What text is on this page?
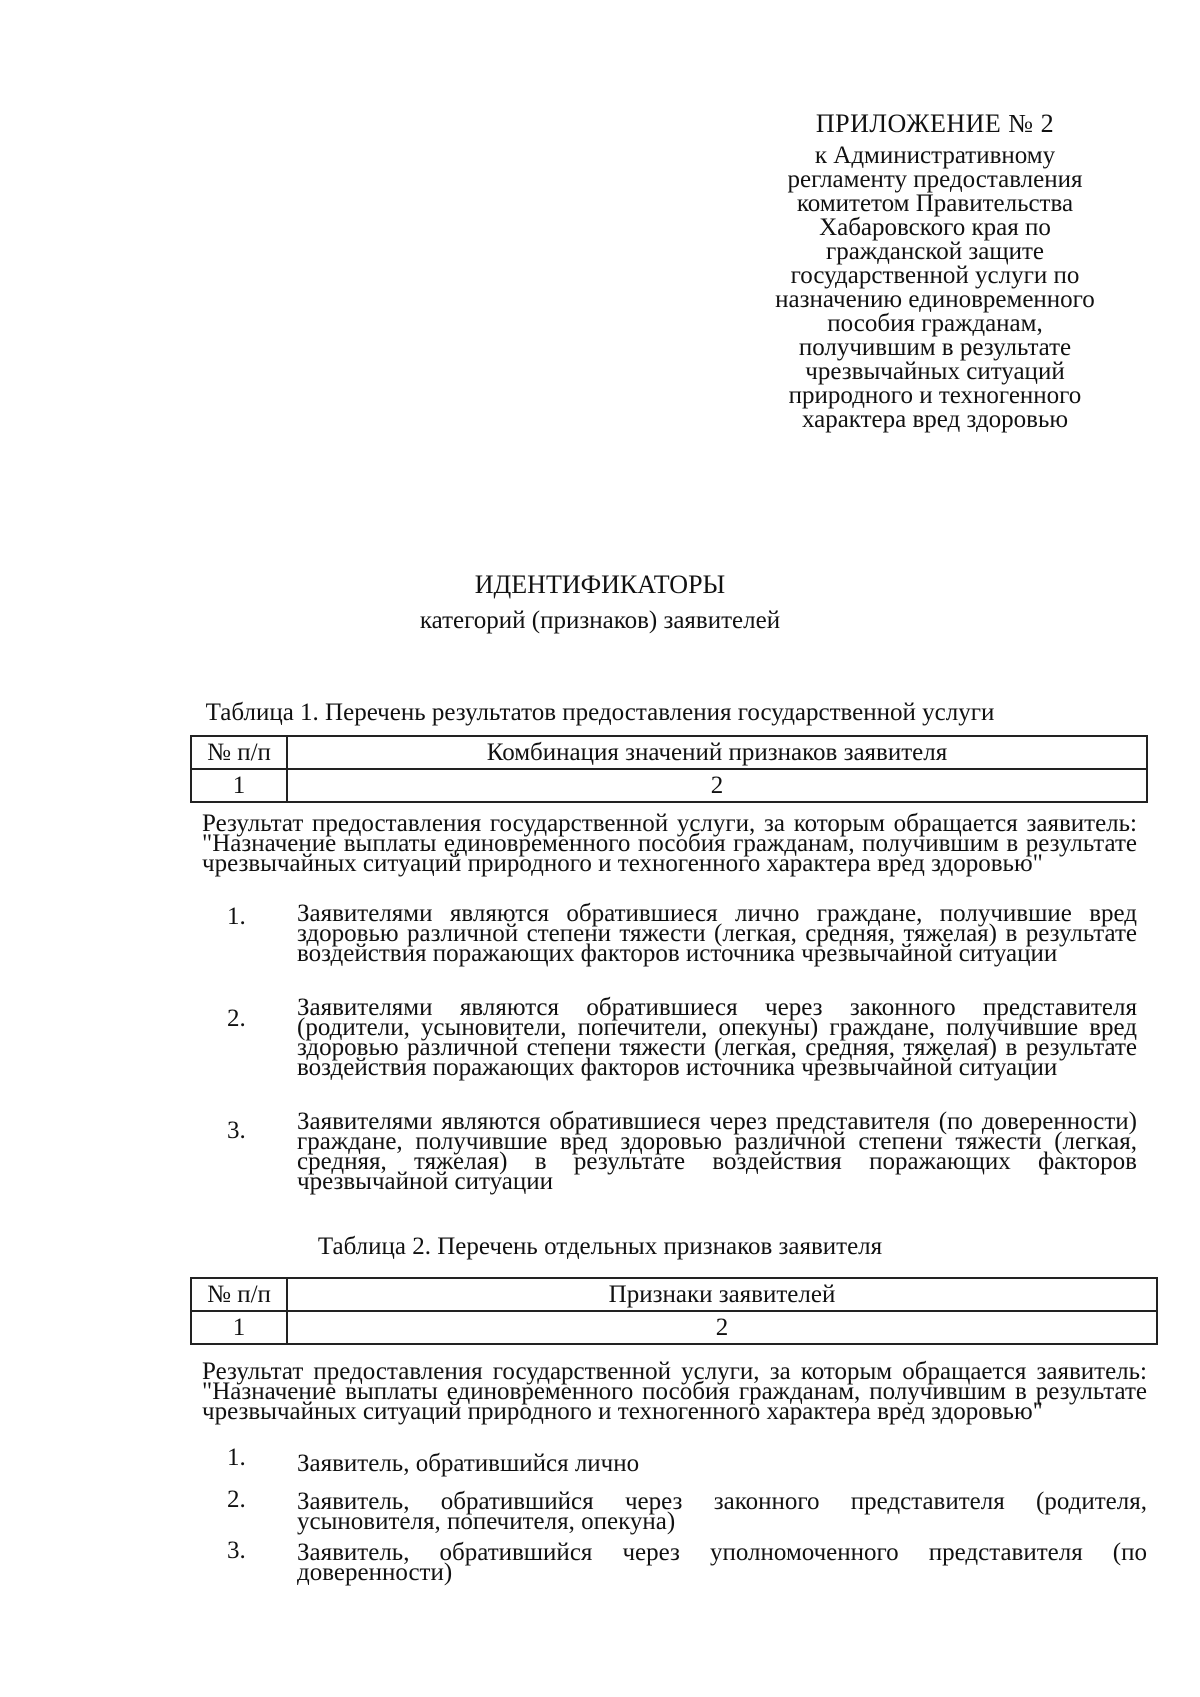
ПРИЛОЖЕНИЕ № 2
к Административному
регламенту предоставления
комитетом Правительства
Хабаровского края по
гражданской защите
государственной услуги по
назначению единовременного
пособия гражданам,
получившим в результате
чрезвычайных ситуаций
природного и техногенного
характера вред здоровью
ИДЕНТИФИКАТОРЫ
категорий (признаков) заявителей
Таблица 1. Перечень результатов предоставления государственной услуги
№ п/п	Комбинация значений признаков заявителя
1	2
Результат предоставления государственной услуги, за которым обращается заявитель: "Назначение выплаты единовременного пособия гражданам, получившим в результате чрезвычайных ситуаций природного и техногенного характера вред здоровью"
1. Заявителями являются обратившиеся лично граждане, получившие вред здоровью различной степени тяжести (легкая, средняя, тяжелая) в результате воздействия поражающих факторов источника чрезвычайной ситуации
2. Заявителями являются обратившиеся через законного представителя (родители, усыновители, попечители, опекуны) граждане, получившие вред здоровью различной степени тяжести (легкая, средняя, тяжелая) в результате воздействия поражающих факторов источника чрезвычайной ситуации
3. Заявителями являются обратившиеся через представителя (по доверенности) граждане, получившие вред здоровью различной степени тяжести (легкая, средняя, тяжелая) в результате воздействия поражающих факторов чрезвычайной ситуации
Таблица 2. Перечень отдельных признаков заявителя
№ п/п	Признаки заявителей
1	2
Результат предоставления государственной услуги, за которым обращается заявитель: "Назначение выплаты единовременного пособия гражданам, получившим в результате чрезвычайных ситуаций природного и техногенного характера вред здоровью"
1. Заявитель, обратившийся лично
2. Заявитель, обратившийся через законного представителя (родителя, усыновителя, попечителя, опекуна)
3. Заявитель, обратившийся через уполномоченного представителя (по доверенности)
